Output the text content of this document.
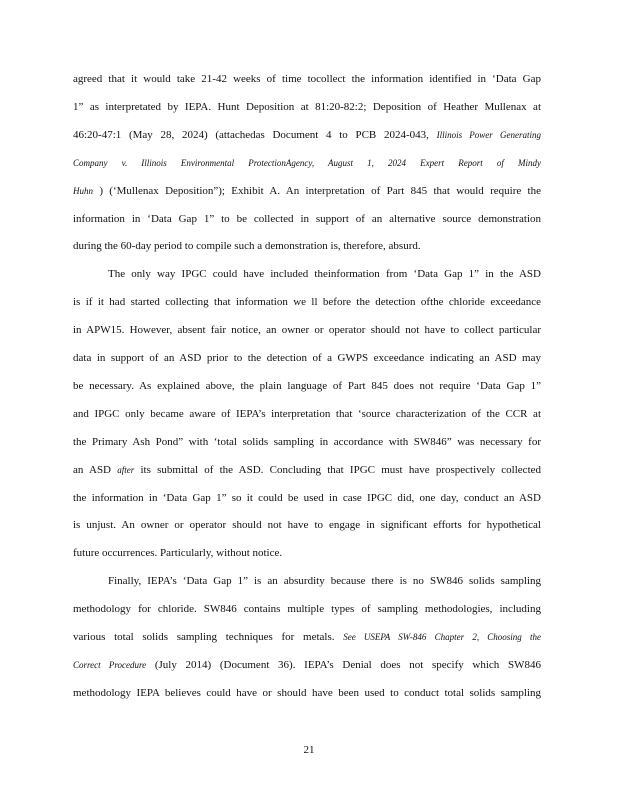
agreed that it would take 21-42 weeks of time tocollect the information identified in ‘Data Gap
1” as interpretated by IEPA. Hunt Deposition at 81:20-82:2; Deposition of Heather Mullenax at
46:20-47:1 (May 28, 2024) (attachedas Document 4 to PCB 2024-043, Illinois Power Generating
Company v. Illinois Environmental ProtectionAgency, August 1, 2024 Expert Report of Mindy
Huhn ) (‘Mullenax Deposition”); Exhibit A. An interpretation of Part 845 that would require the
information in ‘Data Gap 1” to be collected in support of an alternative source demonstration
during the 60-day period to compile such a demonstration is, therefore, absurd.
The only way IPGC could have included theinformation from ‘Data Gap 1” in the ASD
is if it had started collecting that information we ll before the detection ofthe chloride exceedance
in APW15. However, absent fair notice, an owner or operator should not have to collect particular
data in support of an ASD prior to the detection of a GWPS exceedance indicating an ASD may
be necessary. As explained above, the plain language of Part 845 does not require ‘Data Gap 1”
and IPGC only became aware of IEPA’s interpretation that ‘source characterization of the CCR at
the Primary Ash Pond” with ‘total solids sampling in accordance with SW846” was necessary for
an ASD after its submittal of the ASD. Concluding that IPGC must have prospectively collected
the information in ‘Data Gap 1” so it could be used in case IPGC did, one day, conduct an ASD
is unjust. An owner or operator should not have to engage in significant efforts for hypothetical
future occurrences. Particularly, without notice.
Finally, IEPA’s ‘Data Gap 1” is an absurdity because there is no SW846 solids sampling
methodology for chloride. SW846 contains multiple types of sampling methodologies, including
various total solids sampling techniques for metals. See USEPA SW-846 Chapter 2, Choosing the
Correct Procedure (July 2014) (Document 36). IEPA’s Denial does not specify which SW846
methodology IEPA believes could have or should have been used to conduct total solids sampling
21
